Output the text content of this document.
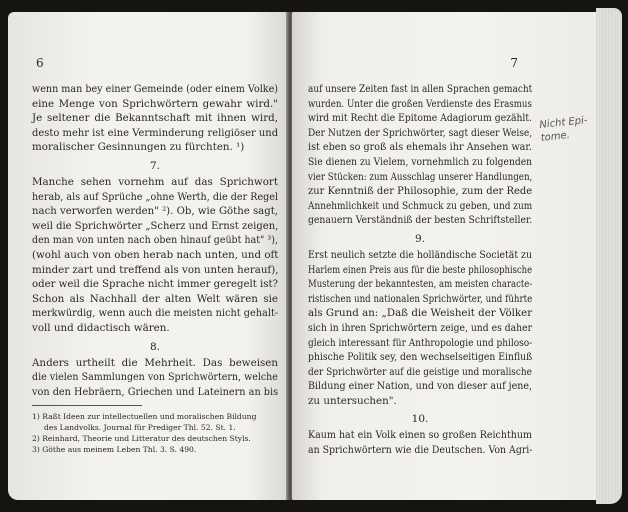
6
wenn man bey einer Gemeinde (oder einem Volke)
eine Menge von Sprichwörtern gewahr wird."
Je seltener die Bekanntschaft mit ihnen wird,
desto mehr ist eine Verminderung religiöser und
moralischer Gesinnungen zu fürchten. ¹)
7.
Manche sehen vornehm auf das Sprichwort
herab, als auf Sprüche „ohne Werth, die der Regel
nach verworfen werden" ²). Ob, wie Göthe sagt,
weil die Sprichwörter „Scherz und Ernst zeigen,
den man von unten nach oben hinauf geübt hat" ³),
(wohl auch von oben herab nach unten, und oft
minder zart und treffend als von unten herauf),
oder weil die Sprache nicht immer geregelt ist?
Schon als Nachhall der alten Welt wären sie
merkwürdig, wenn auch die meisten nicht gehalt-
voll und didactisch wären.
8.
Anders urtheilt die Mehrheit. Das beweisen
die vielen Sammlungen von Sprichwörtern, welche
von den Hebräern, Griechen und Lateinern an bis
1) Raßt Ideen zur intellectuellen und moralischen Bildung
des Landvolks. Journal für Prediger Thl. 52. St. 1.
2) Reinhard, Theorie und Litteratur des deutschen Styls.
3) Göthe aus meinem Leben Thl. 3. S. 490.
7
auf unsere Zeiten fast in allen Sprachen gemacht
wurden. Unter die großen Verdienste des Erasmus
wird mit Recht die Epitome Adagiorum gezählt.
Der Nutzen der Sprichwörter, sagt dieser Weise,
ist eben so groß als ehemals ihr Ansehen war.
Sie dienen zu Vielem, vornehmlich zu folgenden
vier Stücken: zum Ausschlag unserer Handlungen,
zur Kenntniß der Philosophie, zum der Rede
Annehmlichkeit und Schmuck zu geben, und zum
genauern Verständniß der besten Schriftsteller.
9.
Erst neulich setzte die holländische Societät zu
Harlem einen Preis aus für die beste philosophische
Musterung der bekanntesten, am meisten characte-
ristischen und nationalen Sprichwörter, und führte
als Grund an: „Daß die Weisheit der Völker
sich in ihren Sprichwörtern zeige, und es daher
gleich interessant für Anthropologie und philoso-
phische Politik sey, den wechselseitigen Einfluß
der Sprichwörter auf die geistige und moralische
Bildung einer Nation, und von dieser auf jene,
zu untersuchen".
10.
Kaum hat ein Volk einen so großen Reichthum
an Sprichwörtern wie die Deutschen. Von Agri-
Nicht Epi-
tome.
